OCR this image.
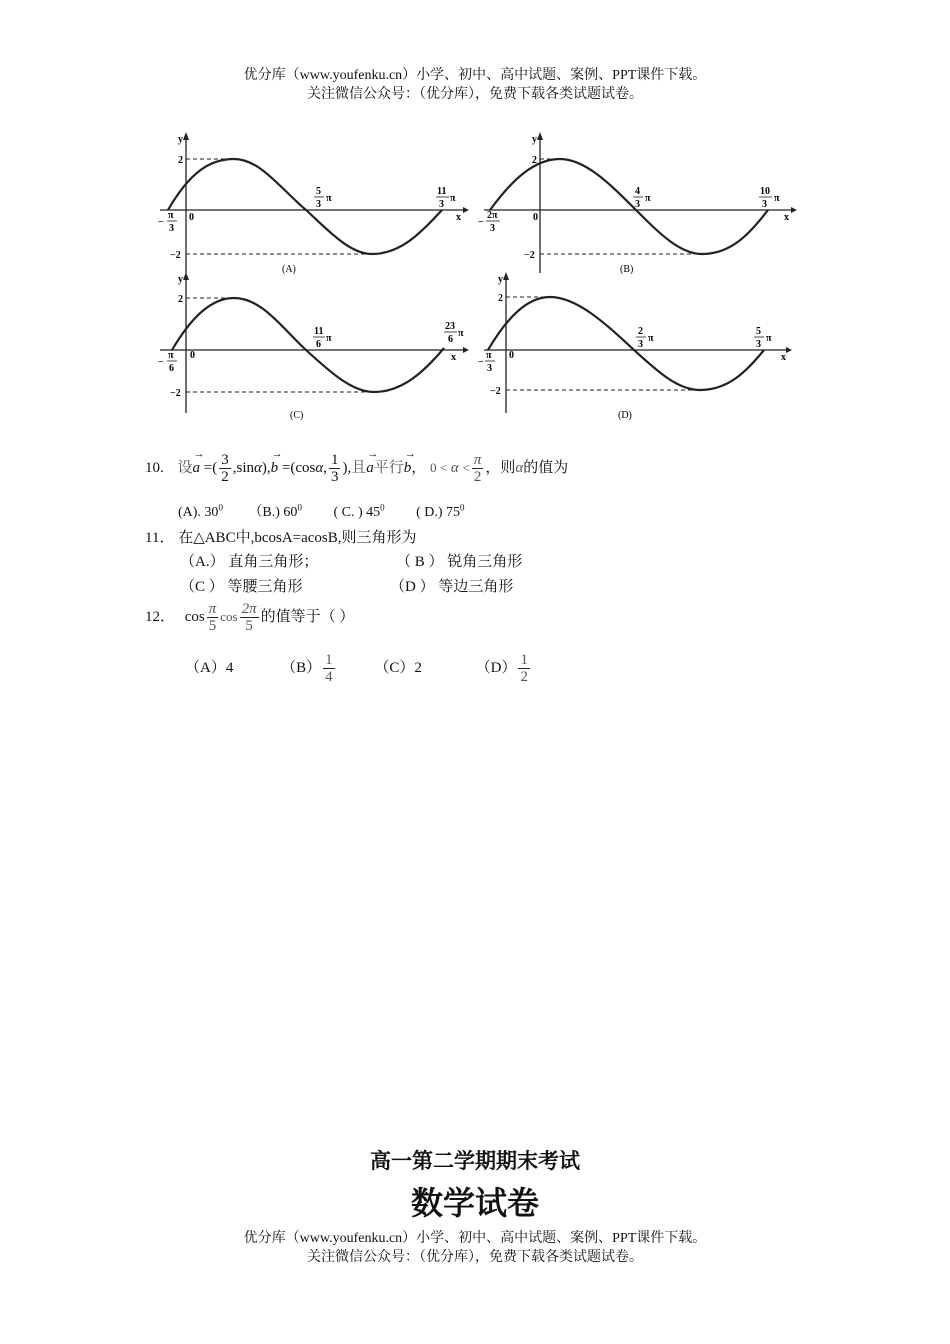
优分库（www.youfenku.cn）小学、初中、高中试题、案例、PPT课件下载。
关注微信公众号：（优分库），免费下载各类试题试卷。
y
x
2
−2
0
−
π
3
5
3
π
11
3
π
(A)
y
x
2
−2
0
−
2π
3
4
3
π
10
3
π
(B)
y
x
2
−2
0
−
π
6
11
6
π
23
6
π
(C)
y
x
2
−2
0
−
π
3
2
3
π
5
3
π
(D)
10. 设
→
a =( $\frac{3}{2} ,\sin\alpha$),
→
b =(cosα, $\frac{1}{3}$ ),且
→
a平行
→
b， $0 < \alpha < \frac{\pi}{2}$ ，则α的值为
(A). $30^0$ （B.) $60^0$ ( C. ) $45^0$ ( D.) $75^0$
11． 在△ABC中,bcosA=acosB,则三角形为
（A.） 直角三角形；	（ B ） 锐角三角形
（C ） 等腰三角形	（D ） 等边三角形
12． $\cos \frac{\pi}{5}$ $\cos \frac{2\pi}{5}$ 的值等于（ ）
（A）4	$(B) \frac{1}{4}$	（C）2	$(D) \frac{1}{2}$
高一第二学期期末考试
数学试卷
优分库（www.youfenku.cn）小学、初中、高中试题、案例、PPT课件下载。
关注微信公众号：（优分库），免费下载各类试题试卷。
